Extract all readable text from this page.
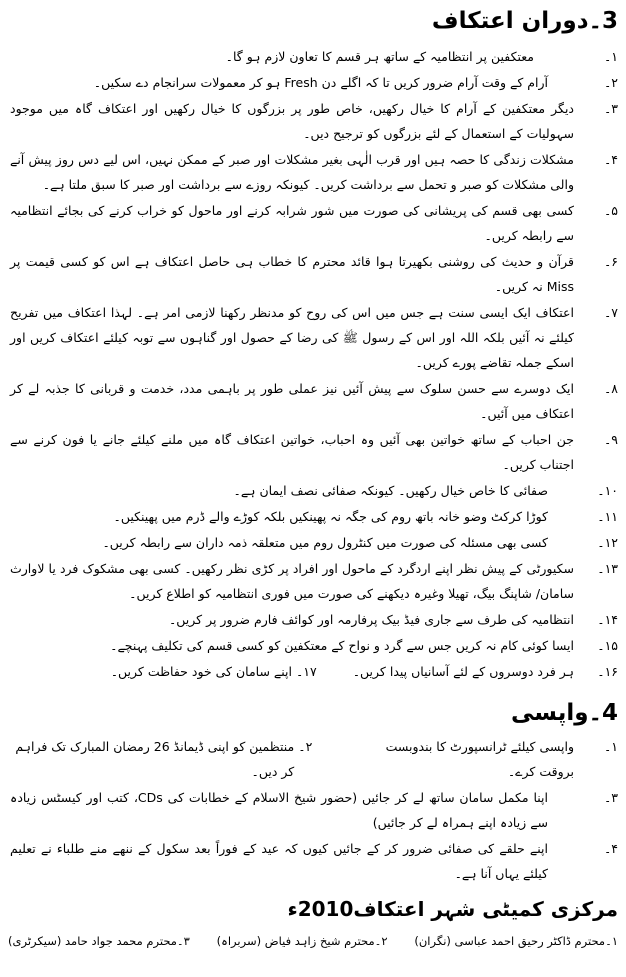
3۔دوران اعتکاف
۱۔
معتکفین پر انتظامیہ کے ساتھ ہر قسم کا تعاون لازم ہو گا۔
۲۔
آرام کے وقت آرام ضرور کریں تا کہ اگلے دن Fresh ہو کر معمولات سرانجام دے سکیں۔
۳۔
دیگر معتکفین کے آرام کا خیال رکھیں، خاص طور پر بزرگوں کا خیال رکھیں اور اعتکاف گاہ میں موجود سہولیات کے استعمال کے لئے بزرگوں کو ترجیح دیں۔
۴۔
مشکلات زندگی کا حصہ ہیں اور قرب الٰہی بغیر مشکلات اور صبر کے ممکن نہیں، اس لیے دس روز پیش آنے والی مشکلات کو صبر و تحمل سے برداشت کریں۔ کیونکہ روزے سے برداشت اور صبر کا سبق ملتا ہے۔
۵۔
کسی بھی قسم کی پریشانی کی صورت میں شور شرابہ کرنے اور ماحول کو خراب کرنے کی بجائے انتظامیہ سے رابطہ کریں۔
۶۔
قرآن و حدیث کی روشنی بکھیرتا ہوا قائد محترم کا خطاب ہی حاصل اعتکاف ہے اس کو کسی قیمت پر Miss نہ کریں۔
۷۔
اعتکاف ایک ایسی سنت ہے جس میں اس کی روح کو مدنظر رکھنا لازمی امر ہے۔ لہذا اعتکاف میں تفریح کیلئے نہ آئیں بلکہ اللہ اور اس کے رسول ﷺ کی رضا کے حصول اور گناہوں سے توبہ کیلئے اعتکاف کریں اور اسکے جملہ تقاضے پورے کریں۔
۸۔
ایک دوسرے سے حسن سلوک سے پیش آئیں نیز عملی طور پر باہمی مدد، خدمت و قربانی کا جذبہ لے کر اعتکاف میں آئیں۔
۹۔
جن احباب کے ساتھ خواتین بھی آئیں وہ احباب، خواتین اعتکاف گاہ میں ملنے کیلئے جانے یا فون کرنے سے اجتناب کریں۔
۱۰۔
صفائی کا خاص خیال رکھیں۔ کیونکہ صفائی نصف ایمان ہے۔
۱۱۔
کوڑا کرکٹ وضو خانہ باتھ روم کی جگہ نہ پھینکیں بلکہ کوڑے والے ڈرم میں پھینکیں۔
۱۲۔
کسی بھی مسئلہ کی صورت میں کنٹرول روم میں متعلقہ ذمہ داران سے رابطہ کریں۔
۱۳۔
سکیورٹی کے پیش نظر اپنے اردگرد کے ماحول اور افراد پر کڑی نظر رکھیں۔ کسی بھی مشکوک فرد یا لاوارث سامان/ شاپنگ بیگ، تھیلا وغیرہ دیکھنے کی صورت میں فوری انتظامیہ کو اطلاع کریں۔
۱۴۔
انتظامیہ کی طرف سے جاری فیڈ بیک پرفارمہ اور کوائف فارم ضرور پر کریں۔
۱۵۔
ایسا کوئی کام نہ کریں جس سے گرد و نواح کے معتکفین کو کسی قسم کی تکلیف پہنچے۔
۱۶۔
ہر فرد دوسروں کے لئے آسانیاں پیدا کریں۔
۱۷۔
اپنے سامان کی خود حفاظت کریں۔
4۔واپسی
۱۔
واپسی کیلئے ٹرانسپورٹ کا بندوبست بروقت کرے۔
۲۔
منتظمین کو اپنی ڈیمانڈ 26 رمضان المبارک تک فراہم کر دیں۔
۳۔
اپنا مکمل سامان ساتھ لے کر جائیں (حضور شیخ الاسلام کے خطابات کی CDs، کتب اور کیسٹس زیادہ سے زیادہ اپنے ہمراہ لے کر جائیں)
۴۔
اپنے حلقے کی صفائی ضرور کر کے جائیں کیوں کہ عید کے فوراً بعد سکول کے ننھے منے طلباء نے تعلیم کیلئے یہاں آنا ہے۔
مرکزی کمیٹی شہر اعتکاف2010ء
۱۔محترم ڈاکٹر رحیق احمد عباسی (نگران)
۲۔محترم شیخ زاہد فیاض (سربراہ)
۳۔محترم محمد جواد حامد (سیکرٹری)
